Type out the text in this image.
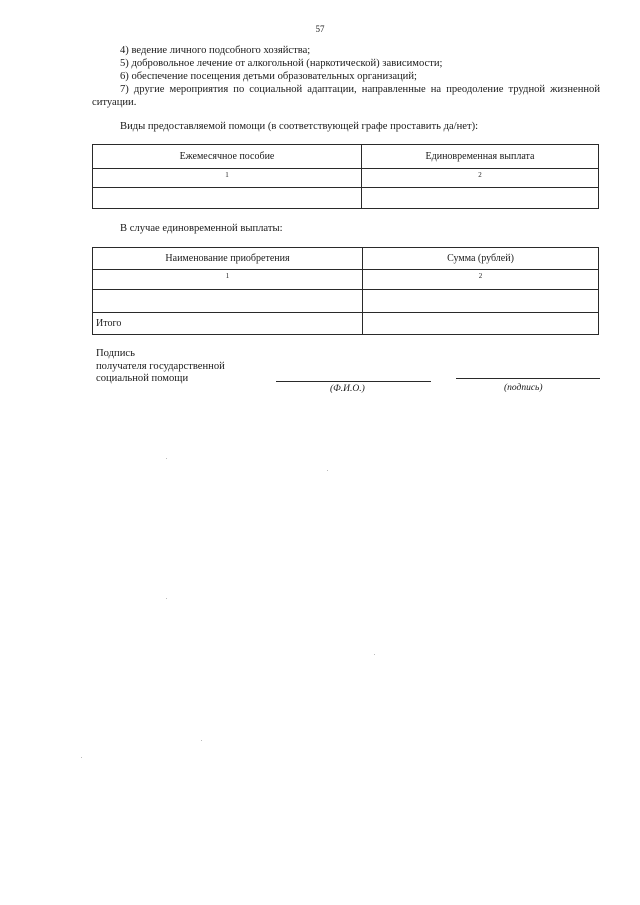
57
4) ведение личного подсобного хозяйства;
5) добровольное лечение от алкогольной (наркотической) зависимости;
6) обеспечение посещения детьми образовательных организаций;
7) другие мероприятия по социальной адаптации, направленные на преодоление трудной жизненной ситуации.
Виды предоставляемой помощи (в соответствующей графе проставить да/нет):
Ежемесячное пособие	Единовременная выплата
1	2

В случае единовременной выплаты:
Наименование приобретения	Сумма (рублей)
1	2

Итого	
Подпись
получателя государственной
социальной помощи
(Ф.И.О.)	(подпись)
